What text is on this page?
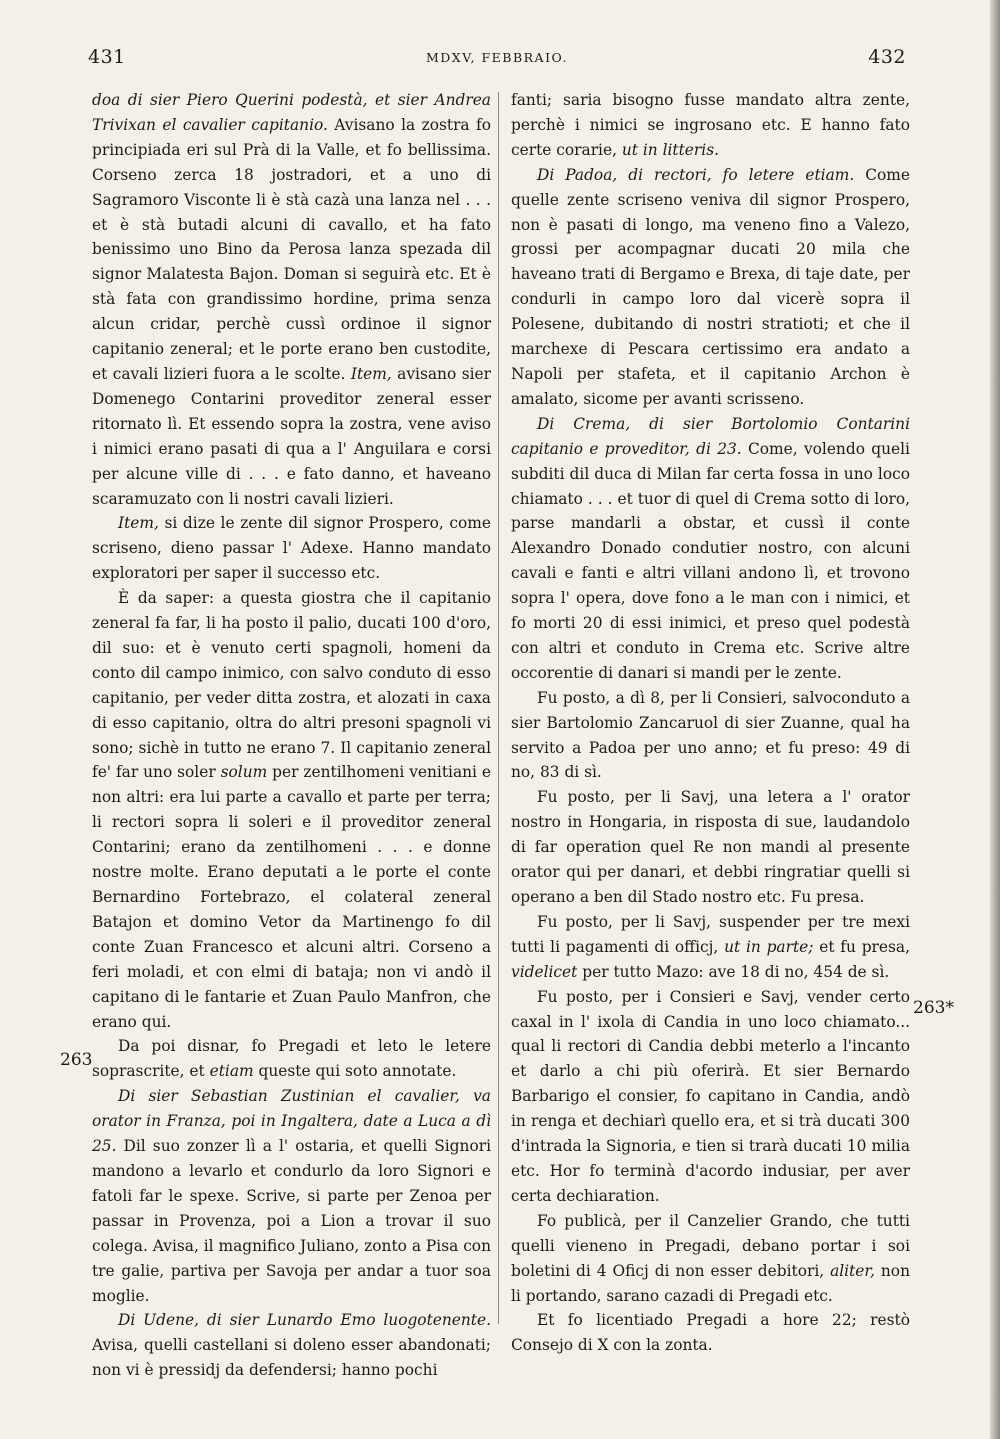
431	MDXV, FEBBRAIO.	432

doa di sier Piero Querini podestà, et sier Andrea Trivixan el cavalier capitanio. Avisano la zostra fo principiada eri sul Prà di la Valle, et fo bellissima. Corseno zerca 18 jostradori, et a uno di Sagramoro Visconte li è stà cazà una lanza nel . . . et è stà butadi alcuni di cavallo, et ha fato benissimo uno Bino da Perosa lanza spezada dil signor Malatesta Bajon. Doman si seguirà etc. Et è stà fata con grandissimo hordine, prima senza alcun cridar, perchè cussì ordinoe il signor capitanio zeneral; et le porte erano ben custodite, et cavali lizieri fuora a le scolte. Item, avisano sier Domenego Contarini proveditor zeneral esser ritornato lì. Et essendo sopra la zostra, vene aviso i nimici erano pasati di qua a l' Anguilara e corsi per alcune ville di . . . e fato danno, et haveano scaramuzato con li nostri cavali lizieri.

Item, si dize le zente dil signor Prospero, come scriseno, dieno passar l' Adexe. Hanno mandato exploratori per saper il successo etc.

È da saper: a questa giostra che il capitanio zeneral fa far, li ha posto il palio, ducati 100 d'oro, dil suo: et è venuto certi spagnoli, homeni da conto dil campo inimico, con salvo conduto di esso capitanio, per veder ditta zostra, et alozati in caxa di esso capitanio, oltra do altri presoni spagnoli vi sono; sichè in tutto ne erano 7. Il capitanio zeneral fe' far uno soler solum per zentilhomeni venitiani e non altri: era lui parte a cavallo et parte per terra; li rectori sopra li soleri e il proveditor zeneral Contarini; erano da zentilhomeni . . . e donne nostre molte. Erano deputati a le porte el conte Bernardino Fortebrazo, el colateral zeneral Batajon et domino Vetor da Martinengo fo dil conte Zuan Francesco et alcuni altri. Corseno a feri moladi, et con elmi di bataja; non vi andò il capitano di le fantarie et Zuan Paulo Manfron, che erano qui.

Da poi disnar, fo Pregadi et leto le letere soprascrite, et etiam queste qui soto annotate.

Di sier Sebastian Zustinian el cavalier, va orator in Franza, poi in Ingaltera, date a Luca a dì 25. Dil suo zonzer lì a l' ostaria, et quelli Signori mandono a levarlo et condurlo da loro Signori e fatoli far le spexe. Scrive, si parte per Zenoa per passar in Provenza, poi a Lion a trovar il suo colega. Avisa, il magnifico Juliano, zonto a Pisa con tre galie, partiva per Savoja per andar a tuor soa moglie.

Di Udene, di sier Lunardo Emo luogotenente. Avisa, quelli castellani si doleno esser abandonati; non vi è pressidj da defendersi; hanno pochi

fanti; saria bisogno fusse mandato altra zente, perchè i nimici se ingrosano etc. E hanno fato certe corarie, ut in litteris.

Di Padoa, di rectori, fo letere etiam. Come quelle zente scriseno veniva dil signor Prospero, non è pasati di longo, ma veneno fino a Valezo, grossi per acompagnar ducati 20 mila che haveano trati di Bergamo e Brexa, di taje date, per condurli in campo loro dal vicerè sopra il Polesene, dubitando di nostri stratioti; et che il marchexe di Pescara certissimo era andato a Napoli per stafeta, et il capitanio Archon è amalato, sicome per avanti scrisseno.

Di Crema, di sier Bortolomio Contarini capitanio e proveditor, di 23. Come, volendo queli subditi dil duca di Milan far certa fossa in uno loco chiamato . . . et tuor di quel di Crema sotto di loro, parse mandarli a obstar, et cussì il conte Alexandro Donado condutier nostro, con alcuni cavali e fanti e altri villani andono lì, et trovono sopra l' opera, dove fono a le man con i nimici, et fo morti 20 di essi inimici, et preso quel podestà con altri et conduto in Crema etc. Scrive altre occorentie di danari si mandi per le zente.

Fu posto, a dì 8, per li Consieri, salvoconduto a sier Bartolomio Zancaruol di sier Zuanne, qual ha servito a Padoa per uno anno; et fu preso: 49 di no, 83 di sì.

Fu posto, per li Savj, una letera a l' orator nostro in Hongaria, in risposta di sue, laudandolo di far operation quel Re non mandi al presente orator qui per danari, et debbi ringratiar quelli si operano a ben dil Stado nostro etc. Fu presa.

Fu posto, per li Savj, suspender per tre mexi tutti li pagamenti di officj, ut in parte; et fu presa, videlicet per tutto Mazo: ave 18 di no, 454 de sì.

Fu posto, per i Consieri e Savj, vender certo caxal in l' ixola di Candia in uno loco chiamato... qual li rectori di Candia debbi meterlo a l'incanto et darlo a chi più oferirà. Et sier Bernardo Barbarigo el consier, fo capitano in Candia, andò in renga et dechiarì quello era, et si trà ducati 300 d'intrada la Signoria, e tien si trarà ducati 10 milia etc. Hor fo terminà d'acordo indusiar, per aver certa dechiaration.

Fo publicà, per il Canzelier Grando, che tutti quelli vieneno in Pregadi, debano portar i soi boletini di 4 Oficj di non esser debitori, aliter, non li portando, sarano cazadi di Pregadi etc.

Et fo licentiado Pregadi a hore 22; restò Consejo di X con la zonta.

263
263*
